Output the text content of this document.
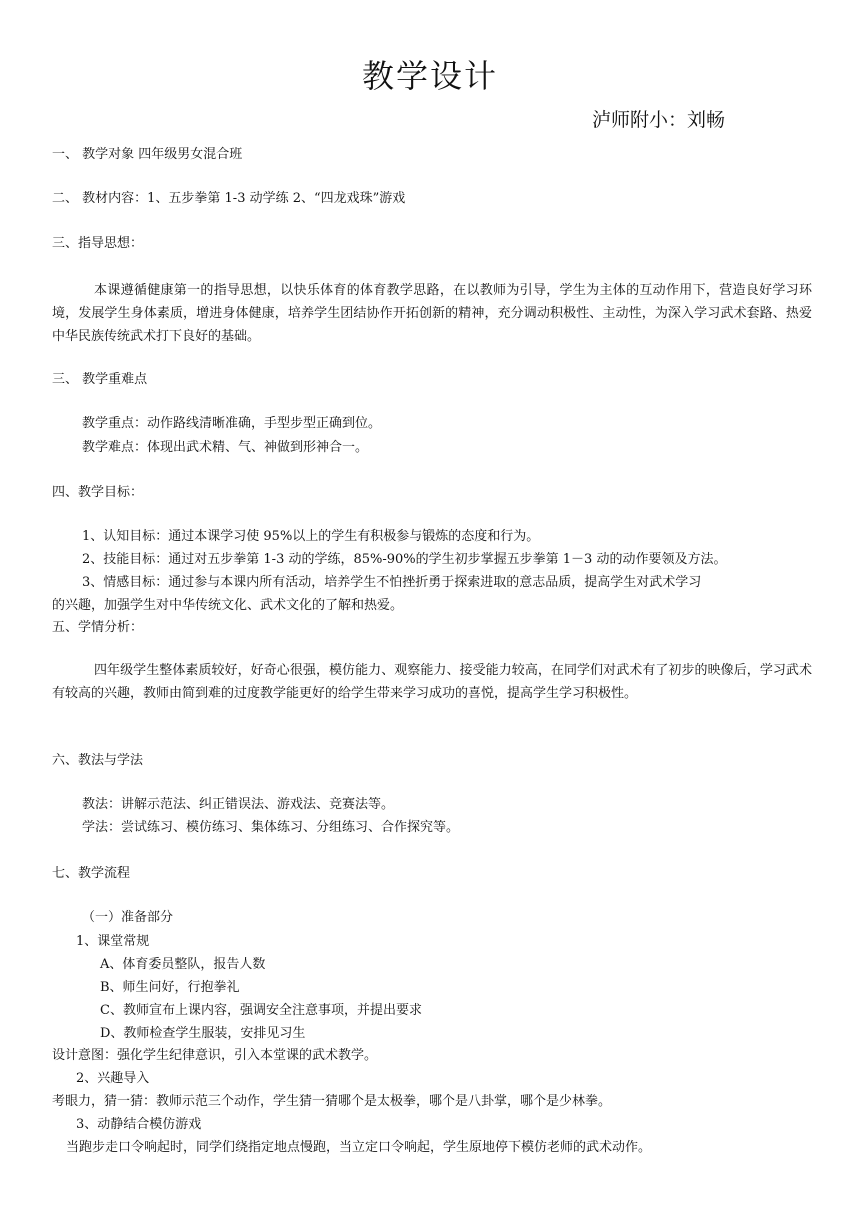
教学设计
泸师附小：刘畅
一、 教学对象 四年级男女混合班
二、 教材内容：1、五步拳第 1-3 动学练 2、“四龙戏珠”游戏
三、指导思想：
本课遵循健康第一的指导思想，以快乐体育的体育教学思路，在以教师为引导，学生为主体的互动作用下，营造良好学习环境，发展学生身体素质，增进身体健康，培养学生团结协作开拓创新的精神，充分调动积极性、主动性，为深入学习武术套路、热爱中华民族传统武术打下良好的基础。
三、 教学重难点
教学重点：动作路线清晰准确，手型步型正确到位。
教学难点：体现出武术精、气、神做到形神合一。
四、教学目标：
1、认知目标：通过本课学习使 95%以上的学生有积极参与锻炼的态度和行为。
2、技能目标：通过对五步拳第 1-3 动的学练，85%-90%的学生初步掌握五步拳第 1－3 动的动作要领及方法。
3、情感目标：通过参与本课内所有活动，培养学生不怕挫折勇于探索进取的意志品质，提高学生对武术学习
的兴趣，加强学生对中华传统文化、武术文化的了解和热爱。
五、学情分析：
四年级学生整体素质较好，好奇心很强，模仿能力、观察能力、接受能力较高，在同学们对武术有了初步的映像后，学习武术有较高的兴趣，教师由简到难的过度教学能更好的给学生带来学习成功的喜悦，提高学生学习积极性。
六、教法与学法
教法：讲解示范法、纠正错误法、游戏法、竞赛法等。
学法：尝试练习、模仿练习、集体练习、分组练习、合作探究等。
七、教学流程
（一）准备部分
1、课堂常规
A、体育委员整队，报告人数
B、师生问好，行抱拳礼
C、教师宣布上课内容，强调安全注意事项，并提出要求
D、教师检查学生服装，安排见习生
设计意图：强化学生纪律意识，引入本堂课的武术教学。
2、兴趣导入
考眼力，猜一猜：教师示范三个动作，学生猜一猜哪个是太极拳，哪个是八卦掌，哪个是少林拳。
3、动静结合模仿游戏
当跑步走口令响起时，同学们绕指定地点慢跑，当立定口令响起，学生原地停下模仿老师的武术动作。
